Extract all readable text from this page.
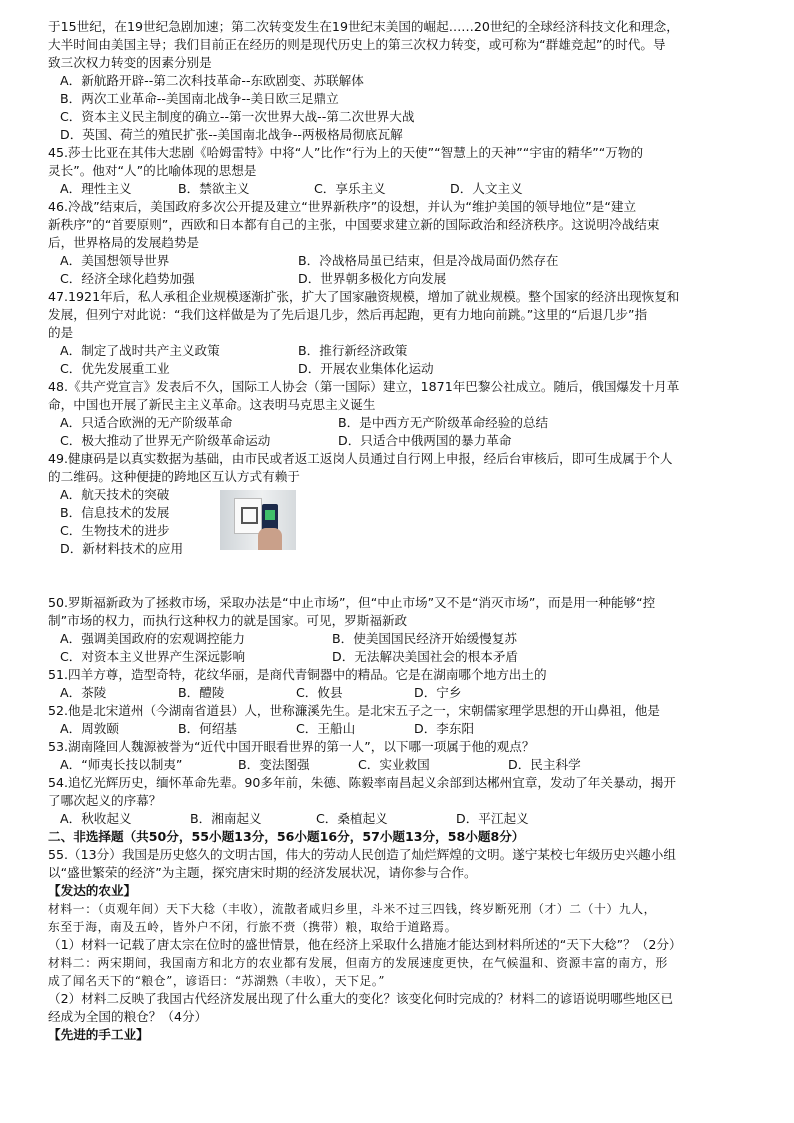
于15世纪，在19世纪急剧加速；第二次转变发生在19世纪末美国的崛起……20世纪的全球经济科技文化和理念，

大半时间由美国主导；我们目前正在经历的则是现代历史上的第三次权力转变，或可称为“群雄竞起”的时代。导

致三次权力转变的因素分别是

A．新航路开辟--第二次科技革命--东欧剧变、苏联解体

B．两次工业革命--美国南北战争--美日欧三足鼎立

C．资本主义民主制度的确立--第一次世界大战--第二次世界大战

D．英国、荷兰的殖民扩张--美国南北战争--两极格局彻底瓦解

45.莎士比亚在其伟大悲剧《哈姆雷特》中将“人”比作“行为上的天使”“智慧上的天神”“宇宙的精华”“万物的

灵长”。他对“人”的比喻体现的思想是

A．理性主义	B．禁欲主义	C．享乐主义	D．人文主义

46.冷战”结束后，美国政府多次公开提及建立“世界新秩序”的设想，并认为“维护美国的领导地位”是“建立

新秩序”的“首要原则”，西欧和日本都有自己的主张，中国要求建立新的国际政治和经济秩序。这说明冷战结束

后，世界格局的发展趋势是

A．美国想领导世界	B．冷战格局虽已结束，但是冷战局面仍然存在
C．经济全球化趋势加强	D．世界朝多极化方向发展

47.1921年后，私人承租企业规模逐渐扩张，扩大了国家融资规模，增加了就业规模。整个国家的经济出现恢复和

发展，但列宁对此说：“我们这样做是为了先后退几步，然后再起跑，更有力地向前跳。”这里的“后退几步”指

的是

A．制定了战时共产主义政策	B．推行新经济政策
C．优先发展重工业	D．开展农业集体化运动

48.《共产党宣言》发表后不久，国际工人协会（第一国际）建立，1871年巴黎公社成立。随后，俄国爆发十月革

命，中国也开展了新民主主义革命。这表明马克思主义诞生

A．只适合欧洲的无产阶级革命	B．是中西方无产阶级革命经验的总结
C．极大推动了世界无产阶级革命运动	D．只适合中俄两国的暴力革命

49.健康码是以真实数据为基础，由市民或者返工返岗人员通过自行网上申报，经后台审核后，即可生成属于个人

的二维码。这种便捷的跨地区互认方式有赖于

A．航天技术的突破

B．信息技术的发展

C．生物技术的进步

D．新材料技术的应用

50.罗斯福新政为了拯救市场，采取办法是“中止市场”，但“中止市场”又不是“消灭市场”，而是用一种能够“控

制”市场的权力，而执行这种权力的就是国家。可见，罗斯福新政

A．强调美国政府的宏观调控能力	B．使美国国民经济开始缓慢复苏
C．对资本主义世界产生深远影响	D．无法解决美国社会的根本矛盾

51.四羊方尊，造型奇特，花纹华丽，是商代青铜器中的精品。它是在湖南哪个地方出土的

A．茶陵	B．醴陵	C．攸县	D．宁乡

52.他是北宋道州（今湖南省道县）人，世称濂溪先生。是北宋五子之一，宋朝儒家理学思想的开山鼻祖，他是

A．周敦颐	B．何绍基	C．王船山	D．李东阳

53.湖南隆回人魏源被誉为“近代中国开眼看世界的第一人”，以下哪一项属于他的观点？

A．“师夷长技以制夷”	B．变法图强	C．实业救国	D．民主科学

54.追忆光辉历史，缅怀革命先辈。90多年前，朱德、陈毅率南昌起义余部到达郴州宜章，发动了年关暴动，揭开

了哪次起义的序幕？

A．秋收起义	B．湘南起义	C．桑植起义	D．平江起义

二、非选择题（共50分，55小题13分，56小题16分，57小题13分，58小题8分）

55.（13分）我国是历史悠久的文明古国，伟大的劳动人民创造了灿烂辉煌的文明。遂宁某校七年级历史兴趣小组

以“盛世繁荣的经济”为主题，探究唐宋时期的经济发展状况，请你参与合作。

【发达的农业】

材料一：（贞观年间）天下大稔（丰收），流散者咸归乡里，斗米不过三四钱，终岁断死刑（才）二（十）九人，

东至于海，南及五岭，皆外户不闭，行旅不赍（携带）粮，取给于道路焉。

（1）材料一记载了唐太宗在位时的盛世情景，他在经济上采取什么措施才能达到材料所述的“天下大稔”？（2分）

材料二：两宋期间，我国南方和北方的农业都有发展，但南方的发展速度更快，在气候温和、资源丰富的南方，形

成了闻名天下的“粮仓”，谚语曰：“苏湖熟（丰收），天下足。”

（2）材料二反映了我国古代经济发展出现了什么重大的变化？该变化何时完成的？材料二的谚语说明哪些地区已

经成为全国的粮仓？（4分）

【先进的手工业】
